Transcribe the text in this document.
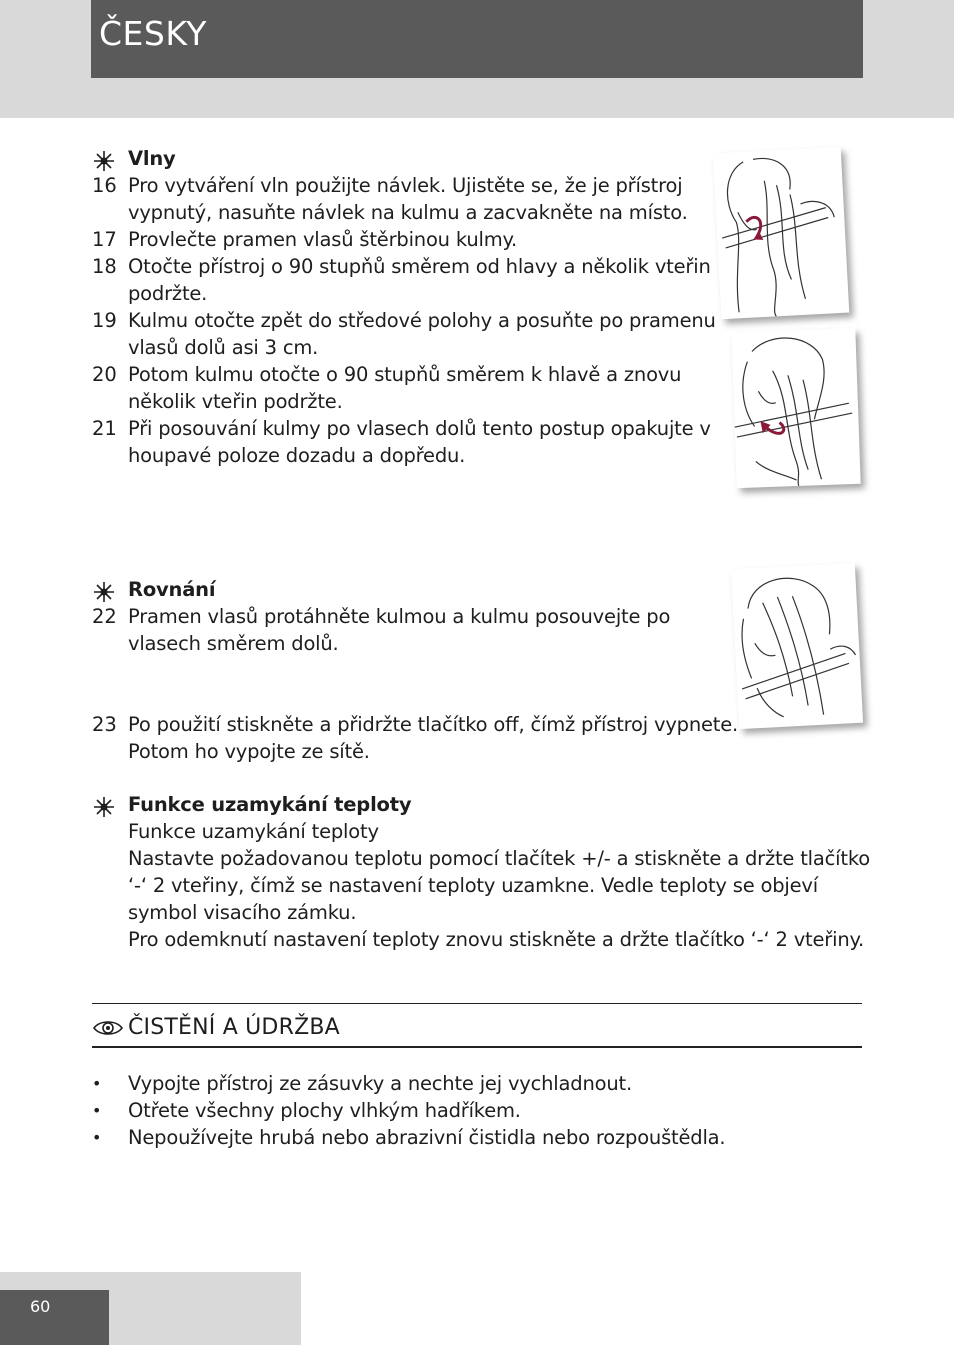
ČESKY
Vlny
16 Pro vytváření vln použijte návlek. Ujistěte se, že je přístroj
vypnutý, nasuňte návlek na kulmu a zacvakněte na místo.
17 Provlečte pramen vlasů štěrbinou kulmy.
18 Otočte přístroj o 90 stupňů směrem od hlavy a několik vteřin
podržte.
19 Kulmu otočte zpět do středové polohy a posuňte po pramenu
vlasů dolů asi 3 cm.
20 Potom kulmu otočte o 90 stupňů směrem k hlavě a znovu
několik vteřin podržte.
21 Při posouvání kulmy po vlasech dolů tento postup opakujte v
houpavé poloze dozadu a dopředu.
Rovnání
22 Pramen vlasů protáhněte kulmou a kulmu posouvejte po
vlasech směrem dolů.
23 Po použití stiskněte a přidržte tlačítko off, čímž přístroj vypnete.
Potom ho vypojte ze sítě.
Funkce uzamykání teploty
Funkce uzamykání teploty
Nastavte požadovanou teplotu pomocí tlačítek +/- a stiskněte a držte tlačítko
‘-‘ 2 vteřiny, čímž se nastavení teploty uzamkne. Vedle teploty se objeví
symbol visacího zámku.
Pro odemknutí nastavení teploty znovu stiskněte a držte tlačítko ‘-‘ 2 vteřiny.
ČISTĚNÍ A ÚDRŽBA
• Vypojte přístroj ze zásuvky a nechte jej vychladnout.
• Otřete všechny plochy vlhkým hadříkem.
• Nepoužívejte hrubá nebo abrazivní čistidla nebo rozpouštědla.
60
